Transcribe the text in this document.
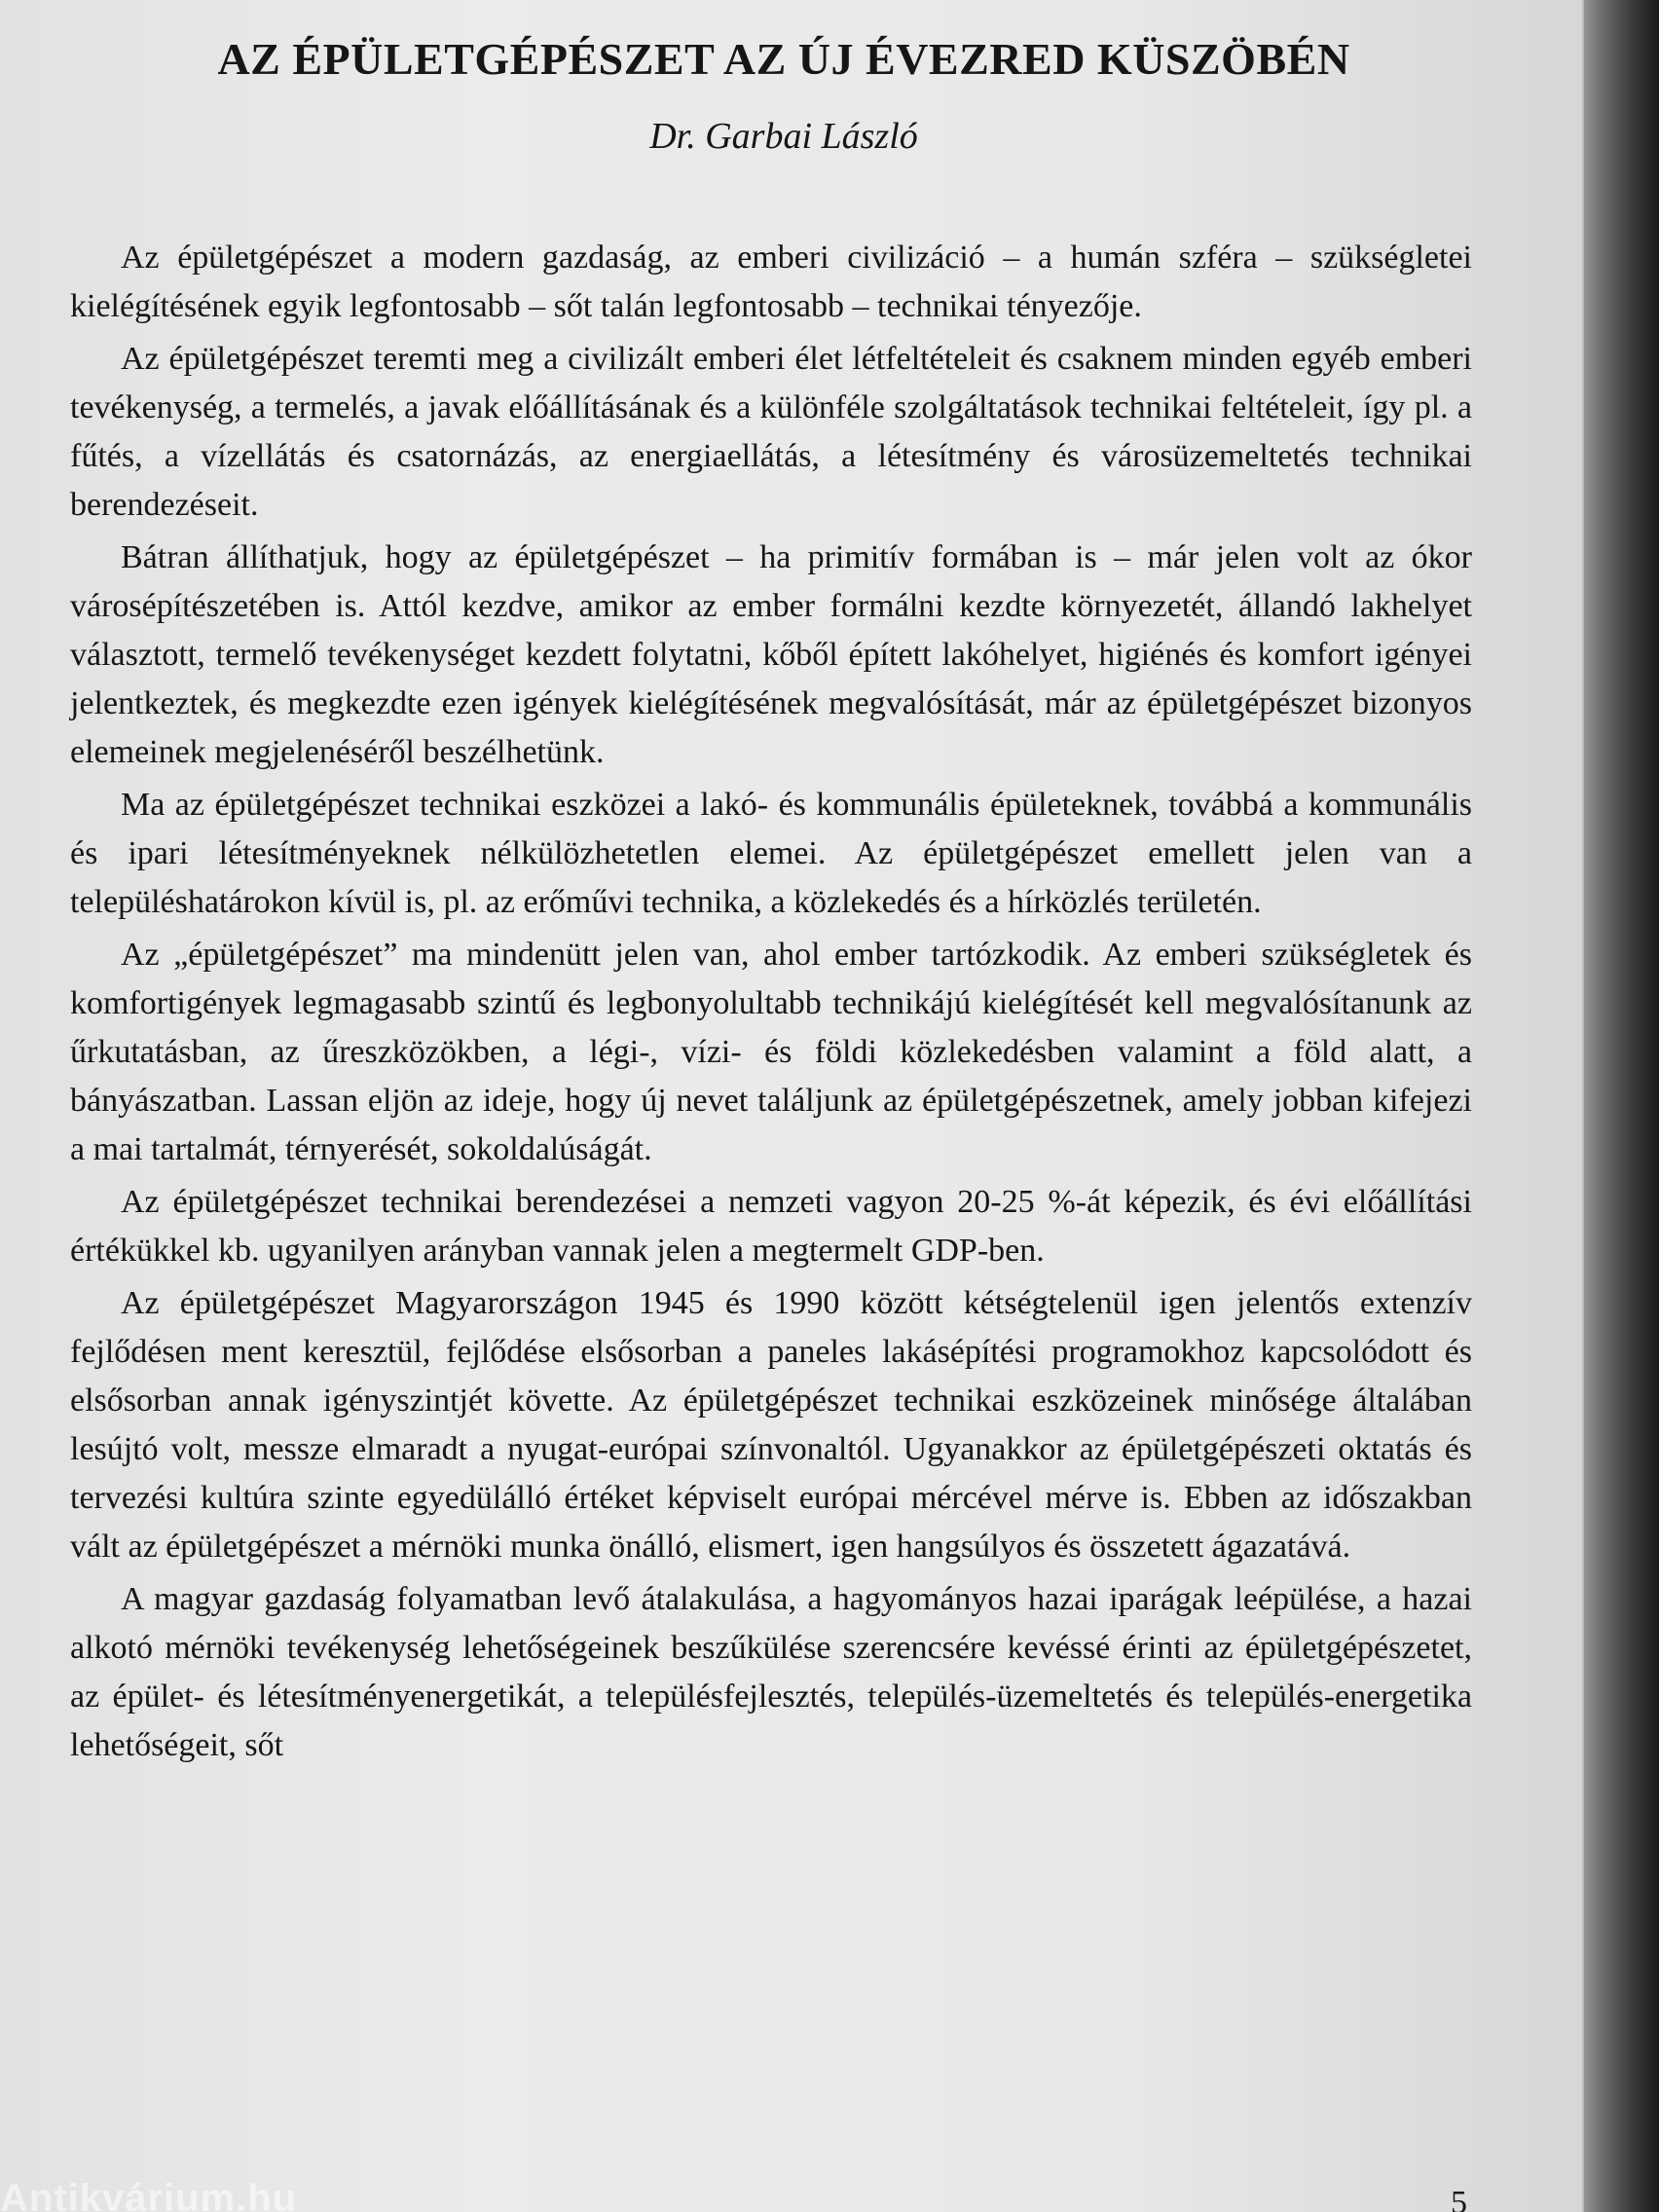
AZ ÉPÜLETGÉPÉSZET AZ ÚJ ÉVEZRED KÜSZÖBÉN
Dr. Garbai László

Az épületgépészet a modern gazdaság, az emberi civilizáció – a humán szféra – szükségletei kielégítésének egyik legfontosabb – sőt talán legfontosabb – technikai tényezője.

Az épületgépészet teremti meg a civilizált emberi élet létfeltételeit és csaknem minden egyéb emberi tevékenység, a termelés, a javak előállításának és a különféle szolgáltatások technikai feltételeit, így pl. a fűtés, a vízellátás és csatornázás, az energiaellátás, a létesítmény és városüzemeltetés technikai berendezéseit.

Bátran állíthatjuk, hogy az épületgépészet – ha primitív formában is – már jelen volt az ókor városépítészetében is. Attól kezdve, amikor az ember formálni kezdte környezetét, állandó lakhelyet választott, termelő tevékenységet kezdett folytatni, kőből épített lakóhelyet, higiénés és komfort igényei jelentkeztek, és megkezdte ezen igények kielégítésének megvalósítását, már az épületgépészet bizonyos elemeinek megjelenéséről beszélhetünk.

Ma az épületgépészet technikai eszközei a lakó- és kommunális épületeknek, továbbá a kommunális és ipari létesítményeknek nélkülözhetetlen elemei. Az épületgépészet emellett jelen van a településhatárokon kívül is, pl. az erőművi technika, a közlekedés és a hírközlés területén.

Az „épületgépészet” ma mindenütt jelen van, ahol ember tartózkodik. Az emberi szükségletek és komfortigények legmagasabb szintű és legbonyolultabb technikájú kielégítését kell megvalósítanunk az űrkutatásban, az űreszközökben, a légi-, vízi- és földi közlekedésben valamint a föld alatt, a bányászatban. Lassan eljön az ideje, hogy új nevet találjunk az épületgépészetnek, amely jobban kifejezi a mai tartalmát, térnyerését, sokoldalúságát.

Az épületgépészet technikai berendezései a nemzeti vagyon 20-25 %-át képezik, és évi előállítási értékükkel kb. ugyanilyen arányban vannak jelen a megtermelt GDP-ben.

Az épületgépészet Magyarországon 1945 és 1990 között kétségtelenül igen jelentős extenzív fejlődésen ment keresztül, fejlődése elsősorban a paneles lakásépítési programokhoz kapcsolódott és elsősorban annak igényszintjét követte. Az épületgépészet technikai eszközeinek minősége általában lesújtó volt, messze elmaradt a nyugat-európai színvonaltól. Ugyanakkor az épületgépészeti oktatás és tervezési kultúra szinte egyedülálló értéket képviselt európai mércével mérve is. Ebben az időszakban vált az épületgépészet a mérnöki munka önálló, elismert, igen hangsúlyos és összetett ágazatává.

A magyar gazdaság folyamatban levő átalakulása, a hagyományos hazai iparágak leépülése, a hazai alkotó mérnöki tevékenység lehetőségeinek beszűkülése szerencsére kevéssé érinti az épületgépészetet, az épület- és létesítményenergetikát, a településfejlesztés, település-üzemeltetés és település-energetika lehetőségeit, sőt

Antikvárium.hu	5
